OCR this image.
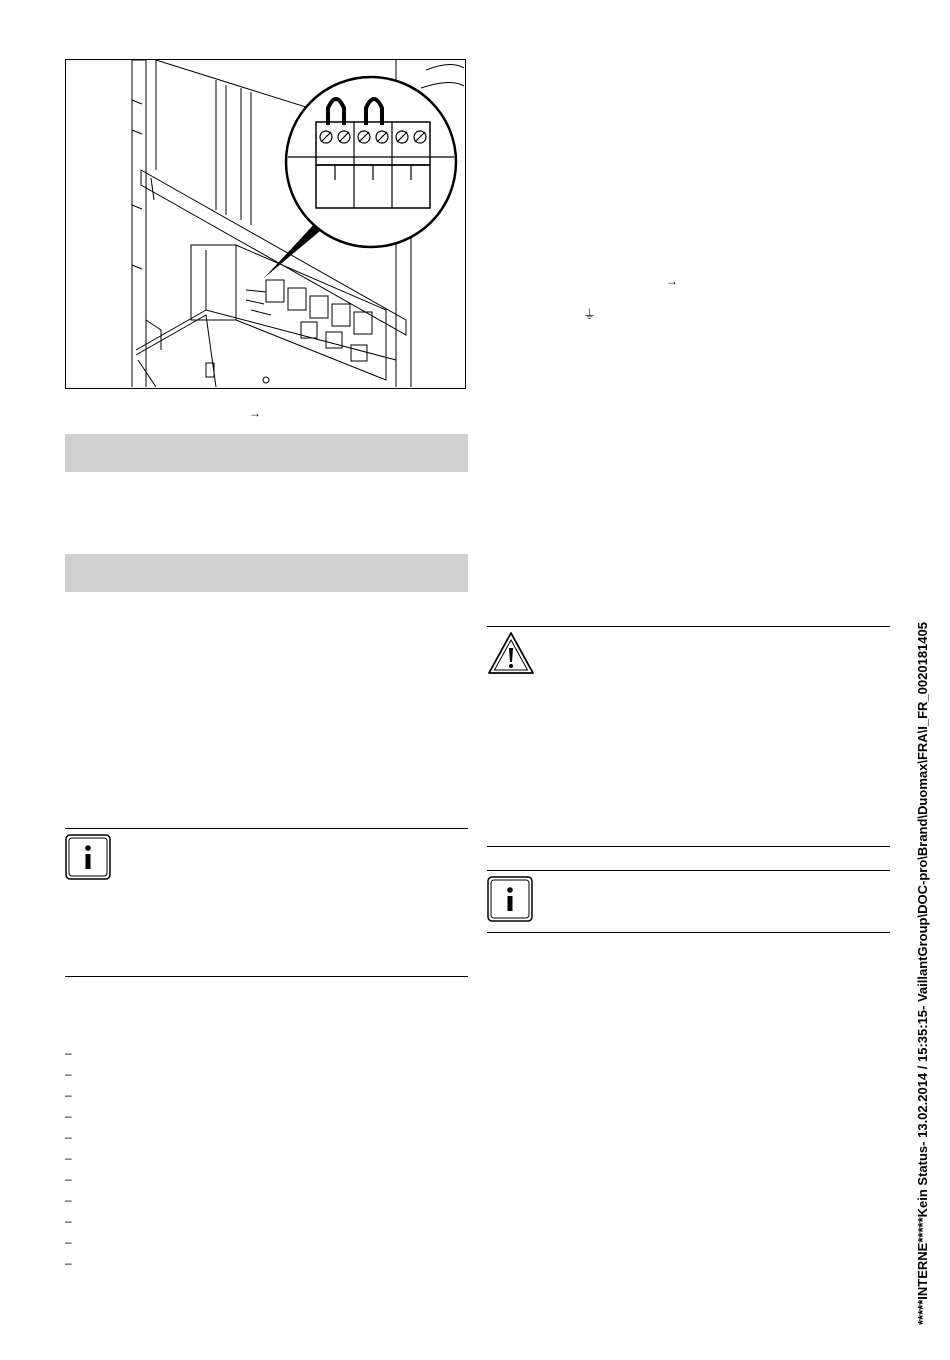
→
–
–
–
–
–
–
–
–
–
–
–
→
⏚
*****INTERNE*****Kein Status- 13.02.2014 / 15:35:15- VaillantGroup\DOC-pro\Brand\Duomax\FRA\I_FR_0020181405
